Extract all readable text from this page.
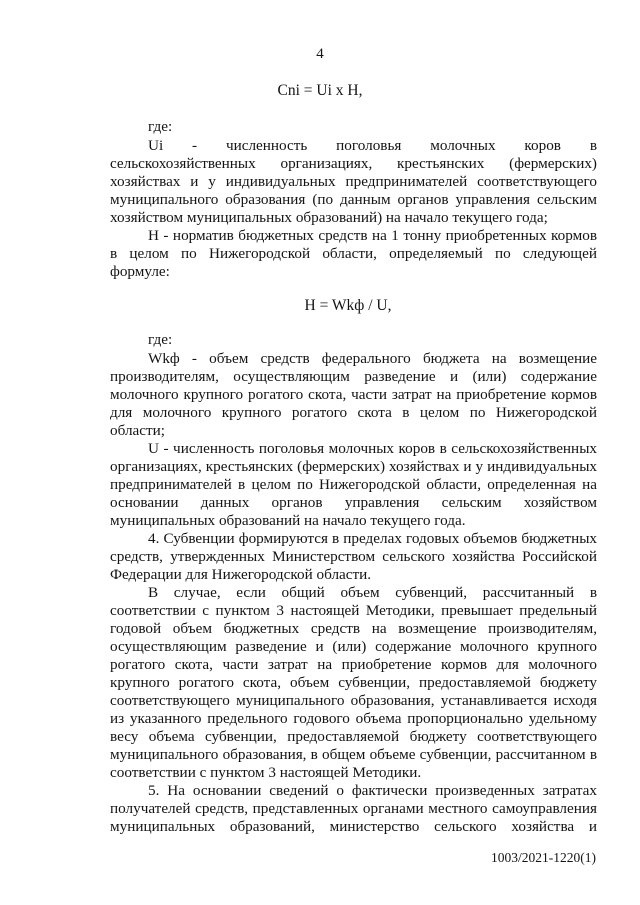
4
Cni = Ui x H,
H = Wkф / U,
где:
Ui - численность поголовья молочных коров в
сельскохозяйственных организациях, крестьянских (фермерских)
хозяйствах и у индивидуальных предпринимателей соответствующего
муниципального образования (по данным органов управления сельским
хозяйством муниципальных образований) на начало текущего года;
Н - норматив бюджетных средств на 1 тонну приобретенных кормов
в целом по Нижегородской области, определяемый по следующей
формуле:
где:
Wkф - объем средств федерального бюджета на возмещение
производителям, осуществляющим разведение и (или) содержание
молочного крупного рогатого скота, части затрат на приобретение кормов
для молочного крупного рогатого скота в целом по Нижегородской
области;
U - численность поголовья молочных коров в сельскохозяйственных
организациях, крестьянских (фермерских) хозяйствах и у индивидуальных
предпринимателей в целом по Нижегородской области, определенная на
основании данных органов управления сельским хозяйством
муниципальных образований на начало текущего года.
4. Субвенции формируются в пределах годовых объемов бюджетных
средств, утвержденных Министерством сельского хозяйства Российской
Федерации для Нижегородской области.
В случае, если общий объем субвенций, рассчитанный в
соответствии с пунктом 3 настоящей Методики, превышает предельный
годовой объем бюджетных средств на возмещение производителям,
осуществляющим разведение и (или) содержание молочного крупного
рогатого скота, части затрат на приобретение кормов для молочного
крупного рогатого скота, объем субвенции, предоставляемой бюджету
соответствующего муниципального образования, устанавливается исходя
из указанного предельного годового объема пропорционально удельному
весу объема субвенции, предоставляемой бюджету соответствующего
муниципального образования, в общем объеме субвенции, рассчитанном в
соответствии с пунктом 3 настоящей Методики.
5. На основании сведений о фактически произведенных затратах
получателей средств, представленных органами местного самоуправления
муниципальных образований, министерство сельского хозяйства и
1003/2021-1220(1)
